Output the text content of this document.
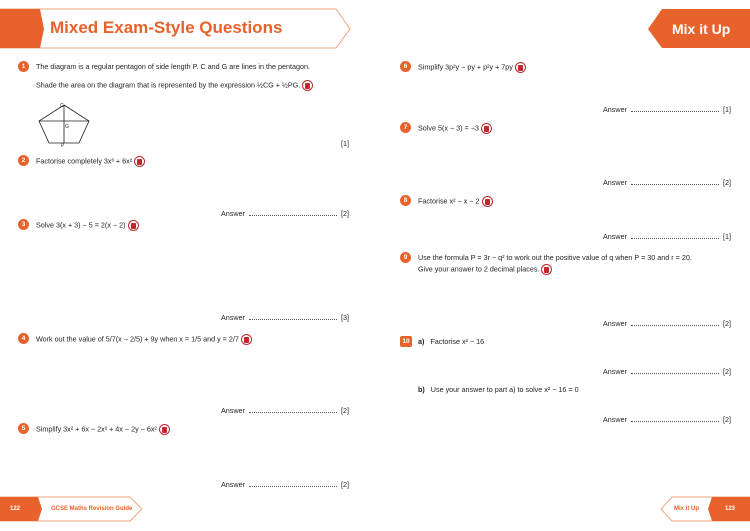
Mixed Exam-Style Questions	Mix it Up
1	The diagram is a regular pentagon of side length P. C and G are lines in the pentagon.
Shade the area on the diagram that is represented by the expression ½CG + ½PG.
C
G
P	[1]
2	Factorise completely 3x³ + 6x²
Answer	[2]
3	Solve 3(x + 3) − 5 = 2(x − 2)
Answer	[3]
4	Work out the value of 5/7(x − 2/5) + 9y when x = 1/5 and y = 2/7
Answer	[2]
5	Simplify 3x² + 6x − 2x² + 4x − 2y − 6x²
Answer	[2]
6	Simplify 3p²y − py + p²y + 7py
Answer	[1]
7	Solve 5(x − 3) = −3
Answer	[2]
8	Factorise x² − x − 2
Answer	[1]
9	Use the formula P = 3r − q² to work out the positive value of q when P = 30 and r = 20.
Give your answer to 2 decimal places.
Answer	[2]
10	a) Factorise x² − 16
Answer	[2]
b) Use your answer to part a) to solve x² − 16 = 0
Answer	[2]
122	GCSE Maths Revision Guide	Mix it Up	123
